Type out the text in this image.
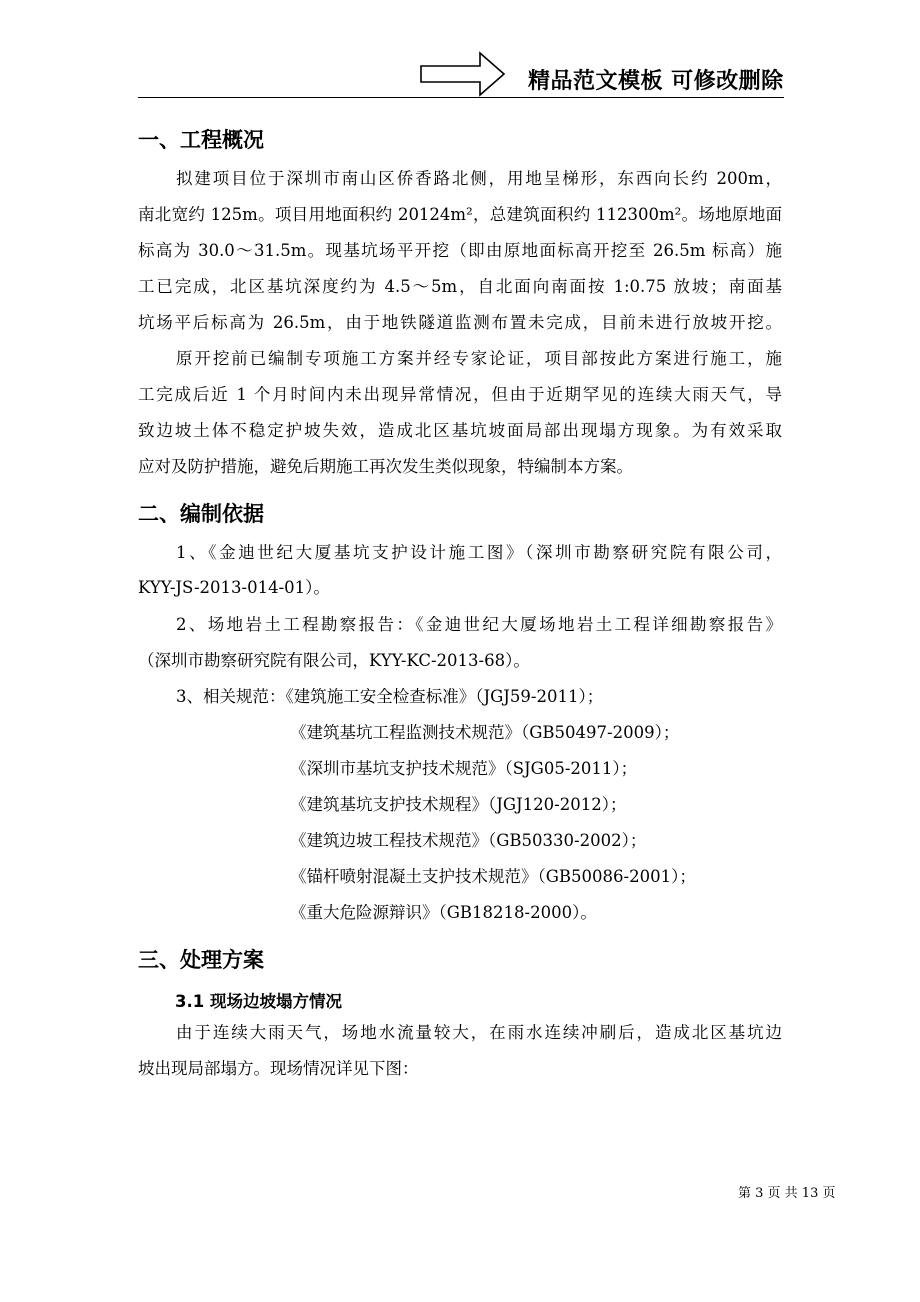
精品范文模板 可修改删除
一、工程概况
拟建项目位于深圳市南山区侨香路北侧，用地呈梯形，东西向长约 200m，
南北宽约 125m。项目用地面积约 20124m²，总建筑面积约 112300m²。场地原地面
标高为 30.0～31.5m。现基坑场平开挖（即由原地面标高开挖至 26.5m 标高）施
工已完成，北区基坑深度约为 4.5～5m，自北面向南面按 1:0.75 放坡；南面基
坑场平后标高为 26.5m，由于地铁隧道监测布置未完成，目前未进行放坡开挖。
原开挖前已编制专项施工方案并经专家论证，项目部按此方案进行施工，施
工完成后近 1 个月时间内未出现异常情况，但由于近期罕见的连续大雨天气，导
致边坡土体不稳定护坡失效，造成北区基坑坡面局部出现塌方现象。为有效采取
应对及防护措施，避免后期施工再次发生类似现象，特编制本方案。
二、编制依据
1、《金迪世纪大厦基坑支护设计施工图》（深圳市勘察研究院有限公司，
KYY-JS-2013-014-01）。
2、场地岩土工程勘察报告：《金迪世纪大厦场地岩土工程详细勘察报告》
（深圳市勘察研究院有限公司，KYY-KC-2013-68）。
3、相关规范：《建筑施工安全检查标准》（JGJ59-2011）；
《建筑基坑工程监测技术规范》（GB50497-2009）；
《深圳市基坑支护技术规范》（SJG05-2011）；
《建筑基坑支护技术规程》（JGJ120-2012）；
《建筑边坡工程技术规范》（GB50330-2002）；
《锚杆喷射混凝土支护技术规范》（GB50086-2001）；
《重大危险源辩识》（GB18218-2000）。
三、处理方案
3.1 现场边坡塌方情况
由于连续大雨天气，场地水流量较大，在雨水连续冲刷后，造成北区基坑边
坡出现局部塌方。现场情况详见下图：
第 3 页 共 13 页
